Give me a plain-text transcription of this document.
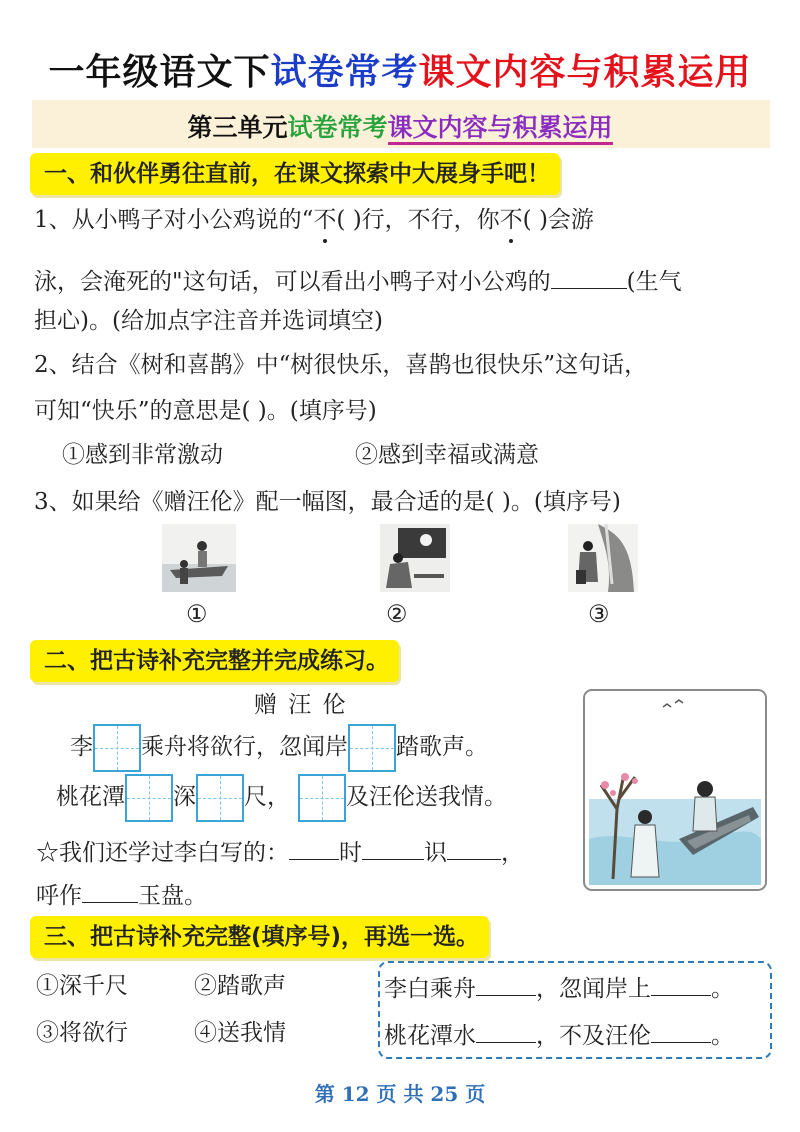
一年级语文下试卷常考课文内容与积累运用
第三单元试卷常考课文内容与积累运用
一、和伙伴勇往直前，在课文探索中大展身手吧！
1、从小鸭子对小公鸡说的“不( )行，不行，你不( )会游
泳，会淹死的"这句话，可以看出小鸭子对小公鸡的	(生气
担心)。(给加点字注音并选词填空)
2、结合《树和喜鹊》中“树很快乐，喜鹊也很快乐”这句话，
可知“快乐”的意思是( )。(填序号)
①感到非常激动	②感到幸福或满意
3、如果给《赠汪伦》配一幅图，最合适的是( )。(填序号)
①	②	③
二、把古诗补充完整并完成练习。
赠 汪 伦
李 乘舟将欲行，忽闻岸 踏歌声。
桃花潭 深 尺， 及汪伦送我情。
☆我们还学过李白写的： 时	识 ，
呼作 玉盘。
三、把古诗补充完整(填序号)，再选一选。
①深千尺	②踏歌声
③将欲行	④送我情
李白乘舟	，忽闻岸上	。
桃花潭水	，不及汪伦	。
第 12 页 共 25 页
